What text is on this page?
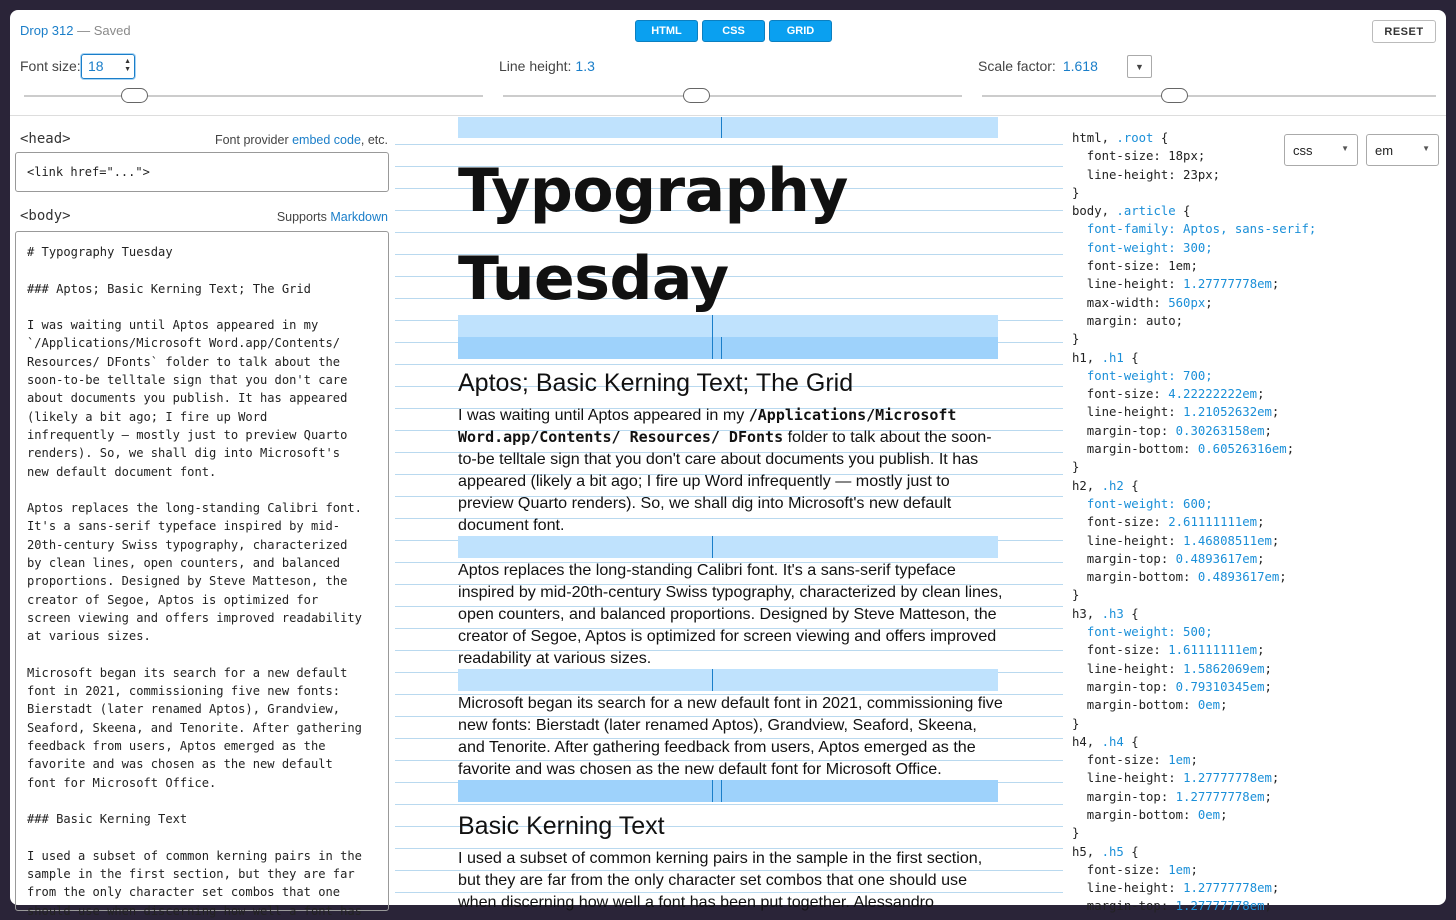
Drop 312 — Saved	HTML	CSS	GRID	RESET
Font size: 18	▲
▼	Line height: 1.3	Scale factor: 1.618	▼
<head>	Font provider embed code, etc.
<link href="...">
<body>	Supports Markdown
# Typography Tuesday

### Aptos; Basic Kerning Text; The Grid

I was waiting until Aptos appeared in my
`/Applications/Microsoft Word.app/Contents/
Resources/ DFonts` folder to talk about the
soon-to-be telltale sign that you don't care
about documents you publish. It has appeared
(likely a bit ago; I fire up Word
infrequently — mostly just to preview Quarto
renders). So, we shall dig into Microsoft's
new default document font.

Aptos replaces the long-standing Calibri font.
It's a sans-serif typeface inspired by mid-
20th-century Swiss typography, characterized
by clean lines, open counters, and balanced
proportions. Designed by Steve Matteson, the
creator of Segoe, Aptos is optimized for
screen viewing and offers improved readability
at various sizes.

Microsoft began its search for a new default
font in 2021, commissioning five new fonts:
Bierstadt (later renamed Aptos), Grandview,
Seaford, Skeena, and Tenorite. After gathering
feedback from users, Aptos emerged as the
favorite and was chosen as the new default
font for Microsoft Office.

### Basic Kerning Text

I used a subset of common kerning pairs in the
sample in the first section, but they are far
from the only character set combos that one
should use when discerning how well a font has
Typography
Tuesday
Aptos; Basic Kerning Text; The Grid
I was waiting until Aptos appeared in my /Applications/Microsoft Word.app/Contents/ Resources/ DFonts folder to talk about the soon-to-be telltale sign that you don't care about documents you publish. It has appeared (likely a bit ago; I fire up Word infrequently — mostly just to preview Quarto renders). So, we shall dig into Microsoft's new default document font.
Aptos replaces the long-standing Calibri font. It's a sans-serif typeface inspired by mid-20th-century Swiss typography, characterized by clean lines, open counters, and balanced proportions. Designed by Steve Matteson, the creator of Segoe, Aptos is optimized for screen viewing and offers improved readability at various sizes.
Microsoft began its search for a new default font in 2021, commissioning five new fonts: Bierstadt (later renamed Aptos), Grandview, Seaford, Skeena, and Tenorite. After gathering feedback from users, Aptos emerged as the favorite and was chosen as the new default font for Microsoft Office.
Basic Kerning Text
I used a subset of common kerning pairs in the sample in the first section, but they are far from the only character set combos that one should use when discerning how well a font has been put together. Alessandro
html, .root {
font-size: 18px;
line-height: 23px;
}
body, .article {
font-family: Aptos, sans-serif;
font-weight: 300;
font-size: 1em;
line-height: 1.27777778em;
max-width: 560px;
margin: auto;
}
h1, .h1 {
font-weight: 700;
font-size: 4.22222222em;
line-height: 1.21052632em;
margin-top: 0.30263158em;
margin-bottom: 0.60526316em;
}
h2, .h2 {
font-weight: 600;
font-size: 2.61111111em;
line-height: 1.46808511em;
margin-top: 0.4893617em;
margin-bottom: 0.4893617em;
}
h3, .h3 {
font-weight: 500;
font-size: 1.61111111em;
line-height: 1.5862069em;
margin-top: 0.79310345em;
margin-bottom: 0em;
}
h4, .h4 {
font-size: 1em;
line-height: 1.27777778em;
margin-top: 1.27777778em;
margin-bottom: 0em;
}
h5, .h5 {
font-size: 1em;
line-height: 1.27777778em;
margin-top: 1.27777778em;
css	▼	em	▼
